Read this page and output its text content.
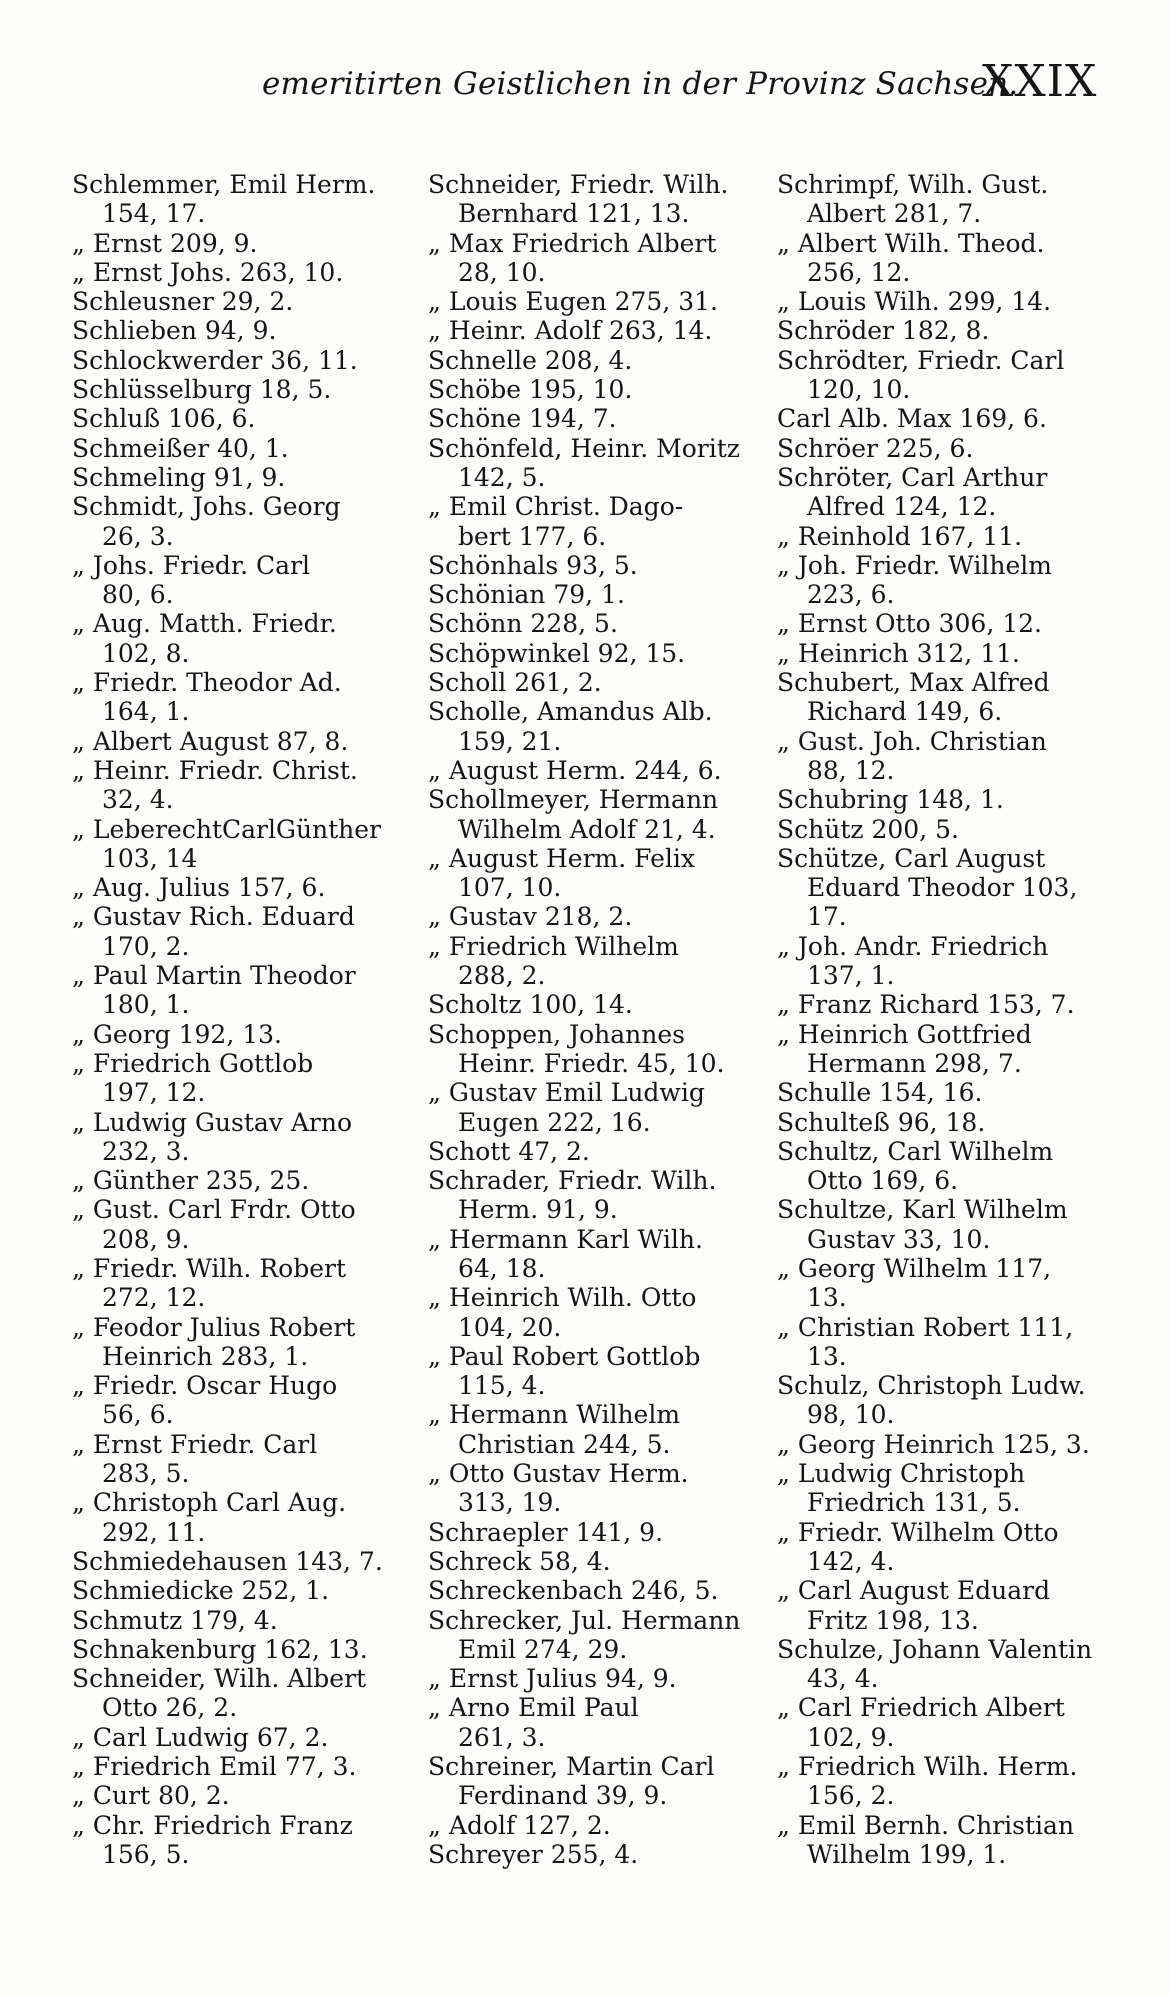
emeritirten Geistlichen in der Provinz Sachsen.
XXIX
Schlemmer, Emil Herm.
154, 17.
„ Ernst 209, 9.
„ Ernst Johs. 263, 10.
Schleusner 29, 2.
Schlieben 94, 9.
Schlockwerder 36, 11.
Schlüsselburg 18, 5.
Schluß 106, 6.
Schmeißer 40, 1.
Schmeling 91, 9.
Schmidt, Johs. Georg
26, 3.
„ Johs. Friedr. Carl
80, 6.
„ Aug. Matth. Friedr.
102, 8.
„ Friedr. Theodor Ad.
164, 1.
„ Albert August 87, 8.
„ Heinr. Friedr. Christ.
32, 4.
„ LeberechtCarlGünther
103, 14
„ Aug. Julius 157, 6.
„ Gustav Rich. Eduard
170, 2.
„ Paul Martin Theodor
180, 1.
„ Georg 192, 13.
„ Friedrich Gottlob
197, 12.
„ Ludwig Gustav Arno
232, 3.
„ Günther 235, 25.
„ Gust. Carl Frdr. Otto
208, 9.
„ Friedr. Wilh. Robert
272, 12.
„ Feodor Julius Robert
Heinrich 283, 1.
„ Friedr. Oscar Hugo
56, 6.
„ Ernst Friedr. Carl
283, 5.
„ Christoph Carl Aug.
292, 11.
Schmiedehausen 143, 7.
Schmiedicke 252, 1.
Schmutz 179, 4.
Schnakenburg 162, 13.
Schneider, Wilh. Albert
Otto 26, 2.
„ Carl Ludwig 67, 2.
„ Friedrich Emil 77, 3.
„ Curt 80, 2.
„ Chr. Friedrich Franz
156, 5.
Schneider, Friedr. Wilh.
Bernhard 121, 13.
„ Max Friedrich Albert
28, 10.
„ Louis Eugen 275, 31.
„ Heinr. Adolf 263, 14.
Schnelle 208, 4.
Schöbe 195, 10.
Schöne 194, 7.
Schönfeld, Heinr. Moritz
142, 5.
„ Emil Christ. Dago-
bert 177, 6.
Schönhals 93, 5.
Schönian 79, 1.
Schönn 228, 5.
Schöpwinkel 92, 15.
Scholl 261, 2.
Scholle, Amandus Alb.
159, 21.
„ August Herm. 244, 6.
Schollmeyer, Hermann
Wilhelm Adolf 21, 4.
„ August Herm. Felix
107, 10.
„ Gustav 218, 2.
„ Friedrich Wilhelm
288, 2.
Scholtz 100, 14.
Schoppen, Johannes
Heinr. Friedr. 45, 10.
„ Gustav Emil Ludwig
Eugen 222, 16.
Schott 47, 2.
Schrader, Friedr. Wilh.
Herm. 91, 9.
„ Hermann Karl Wilh.
64, 18.
„ Heinrich Wilh. Otto
104, 20.
„ Paul Robert Gottlob
115, 4.
„ Hermann Wilhelm
Christian 244, 5.
„ Otto Gustav Herm.
313, 19.
Schraepler 141, 9.
Schreck 58, 4.
Schreckenbach 246, 5.
Schrecker, Jul. Hermann
Emil 274, 29.
„ Ernst Julius 94, 9.
„ Arno Emil Paul
261, 3.
Schreiner, Martin Carl
Ferdinand 39, 9.
„ Adolf 127, 2.
Schreyer 255, 4.
Schrimpf, Wilh. Gust.
Albert 281, 7.
„ Albert Wilh. Theod.
256, 12.
„ Louis Wilh. 299, 14.
Schröder 182, 8.
Schrödter, Friedr. Carl
120, 10.
Carl Alb. Max 169, 6.
Schröer 225, 6.
Schröter, Carl Arthur
Alfred 124, 12.
„ Reinhold 167, 11.
„ Joh. Friedr. Wilhelm
223, 6.
„ Ernst Otto 306, 12.
„ Heinrich 312, 11.
Schubert, Max Alfred
Richard 149, 6.
„ Gust. Joh. Christian
88, 12.
Schubring 148, 1.
Schütz 200, 5.
Schütze, Carl August
Eduard Theodor 103,
17.
„ Joh. Andr. Friedrich
137, 1.
„ Franz Richard 153, 7.
„ Heinrich Gottfried
Hermann 298, 7.
Schulle 154, 16.
Schulteß 96, 18.
Schultz, Carl Wilhelm
Otto 169, 6.
Schultze, Karl Wilhelm
Gustav 33, 10.
„ Georg Wilhelm 117,
13.
„ Christian Robert 111,
13.
Schulz, Christoph Ludw.
98, 10.
„ Georg Heinrich 125, 3.
„ Ludwig Christoph
Friedrich 131, 5.
„ Friedr. Wilhelm Otto
142, 4.
„ Carl August Eduard
Fritz 198, 13.
Schulze, Johann Valentin
43, 4.
„ Carl Friedrich Albert
102, 9.
„ Friedrich Wilh. Herm.
156, 2.
„ Emil Bernh. Christian
Wilhelm 199, 1.
